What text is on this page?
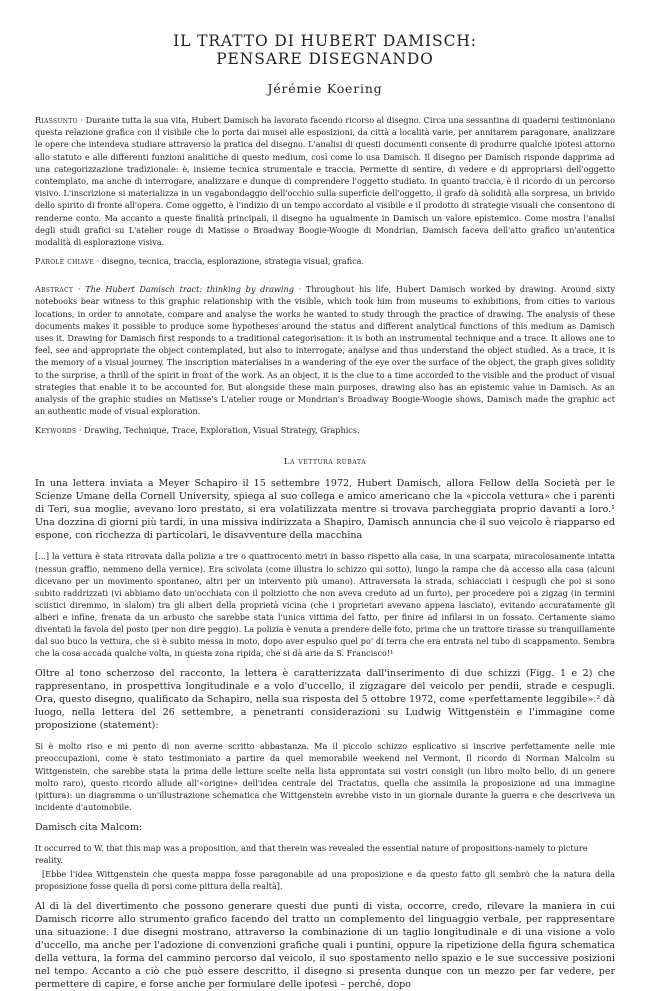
IL TRATTO DI HUBERT DAMISCH:
PENSARE DISEGNANDO
Jérémie Koering

Riassunto · Durante tutta la sua vita, Hubert Damisch ha lavorato facendo ricorso al disegno. Circa una sessantina di quaderni testimoniano questa relazione grafica con il visibile che lo porta dai musei alle esposizioni, da città a località varie, per annitarem paragonare, analizzare le opere che intendeva studiare attraverso la pratica del disegno. L'analisi di questi documenti consente di produrre qualche ipotesi attorno allo statuto e alle differenti funzioni analitiche di questo medium, così come lo usa Damisch. Il disegno per Damisch risponde dapprima ad una categorizzazione tradizionale: è, insieme tecnica strumentale e traccia. Permette di sentire, di vedere e di appropriarsi dell'oggetto contemplato, ma anche di interrogare, analizzare e dunque di comprendere l'oggetto studiato. In quanto traccia, è il ricordo di un percorso visivo. L'inscrizione si materializza in un vagabondaggio dell'occhio sulla superficie dell'oggetto, il grafo dà solidità alla sorpresa, un brivido dello spirito di fronte all'opera. Come oggetto, è l'indizio di un tempo accordato al visibile e il prodotto di strategie visuali che consentono di renderne conto. Ma accanto a queste finalità principali, il disegno ha ugualmente in Damisch un valore epistemico. Come mostra l'analisi degli studi grafici su L'atelier rouge di Matisse o Broadway Boogie-Woogie di Mondrian, Damisch faceva dell'atto grafico un'autentica modalità di esplorazione visiva.

Parole chiave · disegno, tecnica, traccia, esplorazione, strategia visual, grafica.

Abstract · The Hubert Damisch tract: thinking by drawing · Throughout his life, Hubert Damisch worked by drawing. Around sixty notebooks bear witness to this graphic relationship with the visible, which took him from museums to exhibitions, from cities to various locations, in order to annotate, compare and analyse the works he wanted to study through the practice of drawing. The analysis of these documents makes it possible to produce some hypotheses around the status and different analytical functions of this medium as Damisch uses it. Drawing for Damisch first responds to a traditional categorisation: it is both an instrumental technique and a trace. It allows one to feel, see and appropriate the object contemplated, but also to interrogate, analyse and thus understand the object studied. As a trace, it is the memory of a visual journey. The inscription materialises in a wandering of the eye over the surface of the object, the graph gives solidity to the surprise, a thrill of the spirit in front of the work. As an object, it is the clue to a time accorded to the visible and the product of visual strategies that enable it to be accounted for. But alongside these main purposes, drawing also has an epistemic value in Damisch. As an analysis of the graphic studies on Matisse's L'atelier rouge or Mondrian's Broadway Boogie-Woogie shows, Damisch made the graphic act an authentic mode of visual exploration.

Keywords · Drawing, Technique, Trace, Exploration, Visual Strategy, Graphics.

La vettura rubata

In una lettera inviata a Meyer Schapiro il 15 settembre 1972, Hubert Damisch, allora Fellow della Società per le Scienze Umane della Cornell University, spiega al suo collega e amico americano che la «piccola vettura» che i parenti di Teri, sua moglie, avevano loro prestato, si era volatilizzata mentre si trovava parcheggiata proprio davanti a loro.¹ Una dozzina di giorni più tardi, in una missiva indirizzata a Shapiro, Damisch annuncia che il suo veicolo è riapparso ed espone, con ricchezza di particolari, le disavventure della macchina

[...] la vettura è stata ritrovata dalla polizia a tre o quattrocento metri in basso rispetto alla casa, in una scarpata, miracolosamente intatta (nessun graffio, nemmeno della vernice). Era scivolata (come illustra lo schizzo qui sotto), lungo la rampa che dà accesso alla casa (alcuni dicevano per un movimento spontaneo, altri per un intervento più umano). Attraversata la strada, schiacciati i cespugli che poi si sono subito raddrizzati (vi abbiamo dato un'occhiata con il poliziotto che non aveva creduto ad un furto), per procedere poi a zigzag (in termini sciistici diremmo, in slalom) tra gli alberi della proprietà vicina (che i proprietari avevano appena lasciato), evitando accuratamente gli alberi e infine, frenata da un arbusto che sarebbe stata l'unica vittima del fatto, per finire ad infilarsi in un fossato. Certamente siamo diventati la favola del posto (per non dire peggio). La polizia è venuta a prendere delle foto, prima che un trattore tirasse su tranquillamente dal suo buco la vettura, che si è subito messa in moto, dopo aver espulso quel po' di terra che era entrata nel tubo di scappamento. Sembra che la cosa accada qualche volta, in questa zona ripida, che si dà arie da S. Francisco!¹

Oltre al tono scherzoso del racconto, la lettera è caratterizzata dall'inserimento di due schizzi (Figg. 1 e 2) che rappresentano, in prospettiva longitudinale e a volo d'uccello, il zigzagare del veicolo per pendii, strade e cespugli. Ora, questo disegno, qualificato da Schapiro, nella sua risposta del 5 ottobre 1972, come «perfettamente leggibile».² dà luogo, nella lettera del 26 settembre, a penetranti considerazioni su Ludwig Wittgenstein e l'immagine come proposizione (statement):

Si è molto riso e mi pento di non averne scritto abbastanza. Ma il piccolo schizzo esplicativo si inscrive perfettamente nelle mie preoccupazioni, come è stato testimoniato a partire da quel memorabile weekend nel Vermont. Il ricordo di Norman Malcolm su Wittgenstein, che sarebbe stata la prima delle letture scelte nella lista approntata sui vostri consigli (un libro molto bello, di un genere molto raro), questo ricordo allude all'«origine» dell'idea centrale del Tractatus, quella che assimila la proposizione ad una immagine (pittura): un diagramma o un'illustrazione schematica che Wittgenstein avrebbe visto in un giornale durante la guerra e che descriveva un incidente d'automobile.

Damisch cita Malcom:

It occurred to W. that this map was a proposition, and that therein was revealed the essential nature of propositions-namely to picture reality.

[Ebbe l'idea Wittgenstein che questa mappa fosse paragonabile ad una proposizione e da questo fatto gli sembrò che la natura della proposizione fosse quella di porsi come pittura della realtà].

Al di là del divertimento che possono generare questi due punti di vista, occorre, credo, rilevare la maniera in cui Damisch ricorre allo strumento grafico facendo del tratto un complemento del linguaggio verbale, per rappresentare una situazione. I due disegni mostrano, attraverso la combinazione di un taglio longitudinale e di una visione a volo d'uccello, ma anche per l'adozione di convenzioni grafiche quali i puntini, oppure la ripetizione della figura schematica della vettura, la forma del cammino percorso dal veicolo, il suo spostamento nello spazio e le sue successive posizioni nel tempo. Accanto a ciò che può essere descritto, il disegno si presenta dunque con un mezzo per far vedere, per permettere di capire, e forse anche per formulare delle ipotesi – perché, dopo
